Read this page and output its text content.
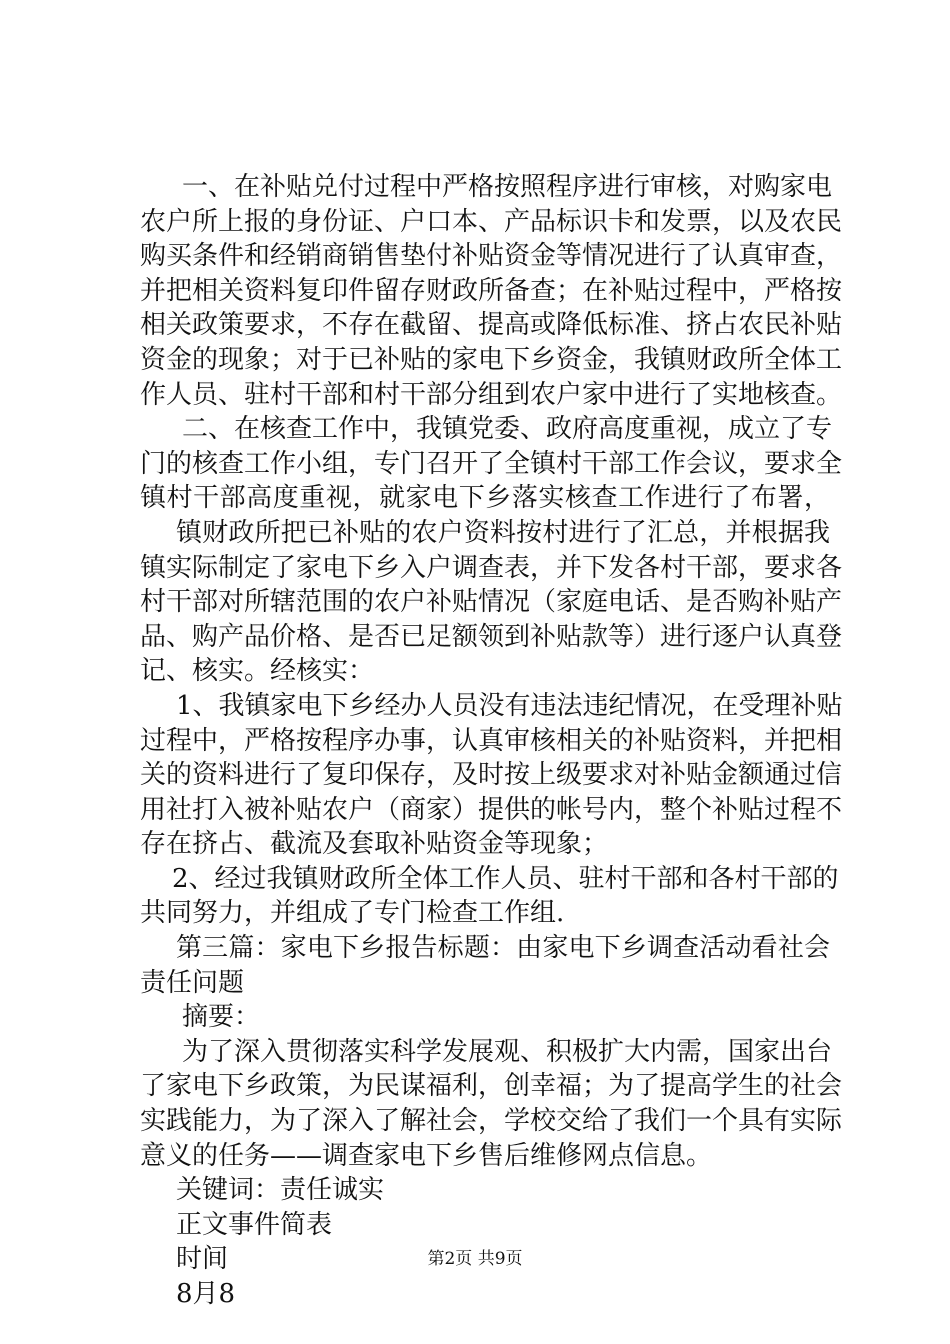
一、在补贴兑付过程中严格按照程序进行审核，对购家电
农户所上报的身份证、户口本、产品标识卡和发票，以及农民
购买条件和经销商销售垫付补贴资金等情况进行了认真审查，
并把相关资料复印件留存财政所备查；在补贴过程中，严格按
相关政策要求，不存在截留、提高或降低标准、挤占农民补贴
资金的现象；对于已补贴的家电下乡资金，我镇财政所全体工
作人员、驻村干部和村干部分组到农户家中进行了实地核查。
二、在核查工作中，我镇党委、政府高度重视，成立了专
门的核查工作小组，专门召开了全镇村干部工作会议，要求全
镇村干部高度重视，就家电下乡落实核查工作进行了布署，
镇财政所把已补贴的农户资料按村进行了汇总，并根据我
镇实际制定了家电下乡入户调查表，并下发各村干部，要求各
村干部对所辖范围的农户补贴情况（家庭电话、是否购补贴产
品、购产品价格、是否已足额领到补贴款等）进行逐户认真登
记、核实。经核实：
1、我镇家电下乡经办人员没有违法违纪情况，在受理补贴
过程中，严格按程序办事，认真审核相关的补贴资料，并把相
关的资料进行了复印保存，及时按上级要求对补贴金额通过信
用社打入被补贴农户（商家）提供的帐号内，整个补贴过程不
存在挤占、截流及套取补贴资金等现象；
2、经过我镇财政所全体工作人员、驻村干部和各村干部的
共同努力，并组成了专门检查工作组.
第三篇：家电下乡报告标题：由家电下乡调查活动看社会
责任问题
摘要：
为了深入贯彻落实科学发展观、积极扩大内需，国家出台
了家电下乡政策，为民谋福利，创幸福；为了提高学生的社会
实践能力，为了深入了解社会，学校交给了我们一个具有实际
意义的任务——调查家电下乡售后维修网点信息。
关键词：责任诚实
正文事件简表
时间
8月8
第2页 共9页
